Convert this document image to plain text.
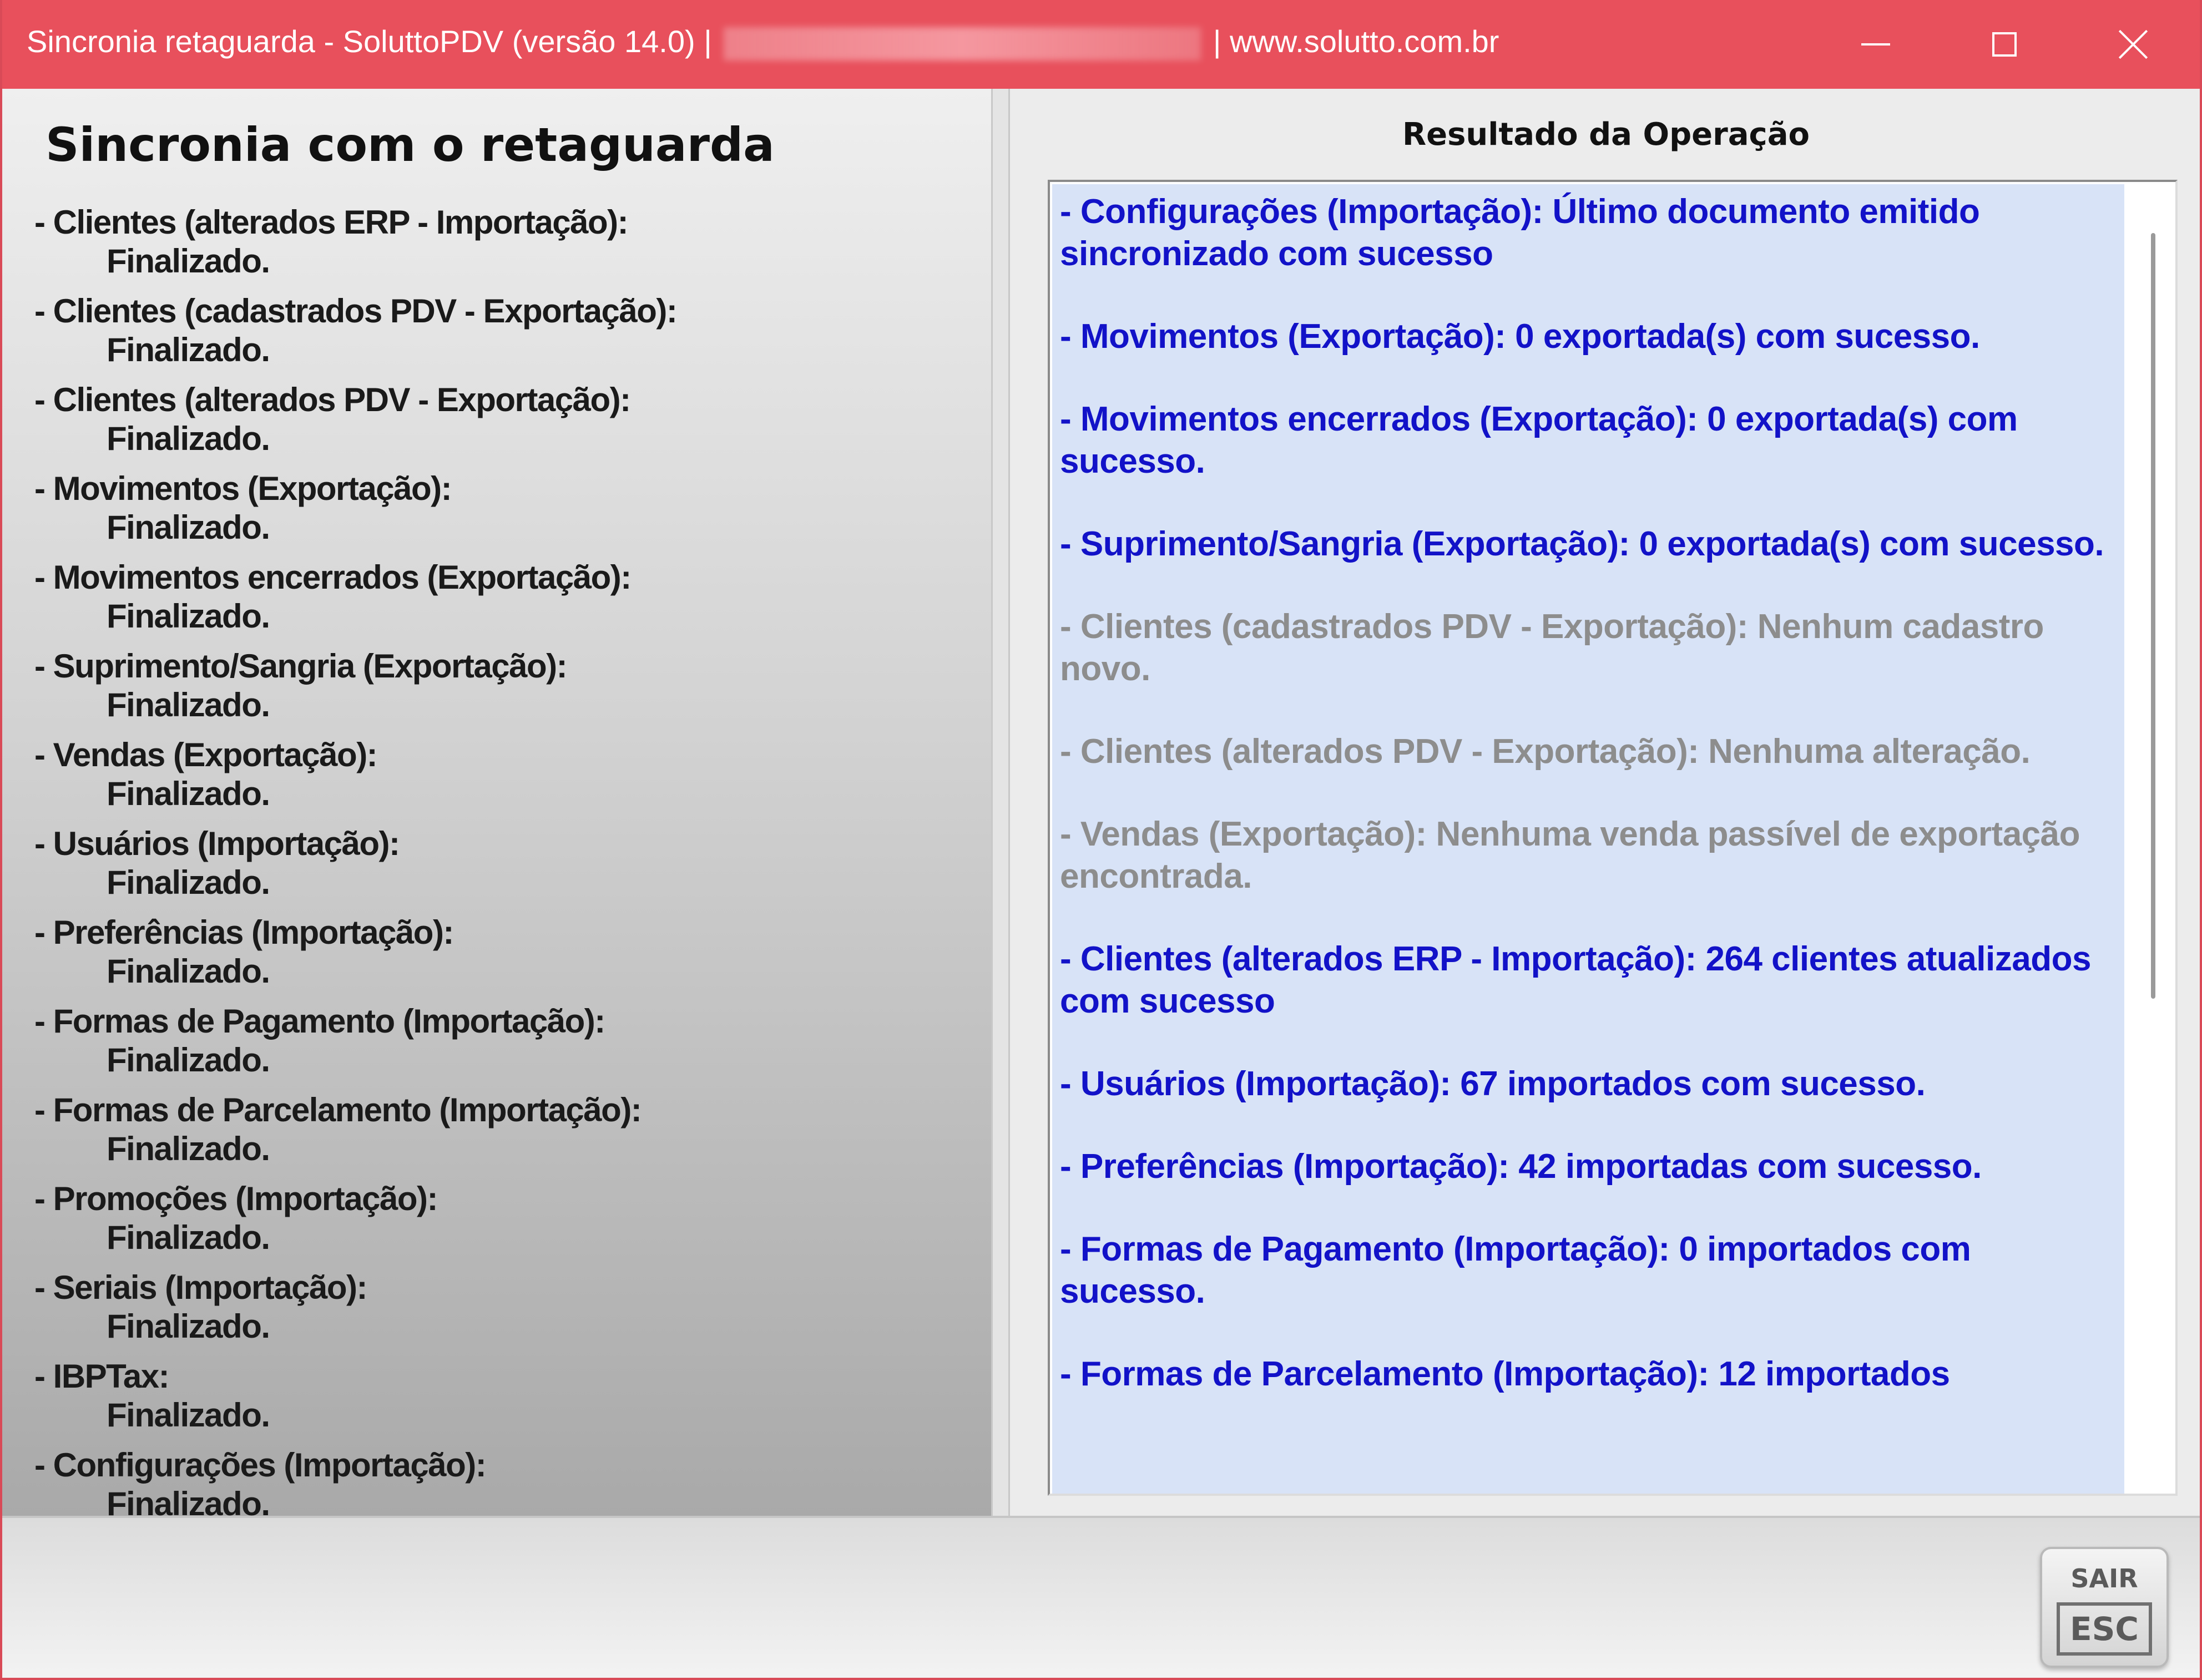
Sincronia retaguarda - SoluttoPDV (versão 14.0) |	| www.solutto.com.br
Sincronia com o retaguarda
- Clientes (alterados ERP - Importação):
Finalizado.
- Clientes (cadastrados PDV - Exportação):
Finalizado.
- Clientes (alterados PDV - Exportação):
Finalizado.
- Movimentos (Exportação):
Finalizado.
- Movimentos encerrados (Exportação):
Finalizado.
- Suprimento/Sangria (Exportação):
Finalizado.
- Vendas (Exportação):
Finalizado.
- Usuários (Importação):
Finalizado.
- Preferências (Importação):
Finalizado.
- Formas de Pagamento (Importação):
Finalizado.
- Formas de Parcelamento (Importação):
Finalizado.
- Promoções (Importação):
Finalizado.
- Seriais (Importação):
Finalizado.
- IBPTax:
Finalizado.
- Configurações (Importação):
Finalizado.
Resultado da Operação
- Configurações (Importação): Último documento emitido sincronizado com sucesso
- Movimentos (Exportação): 0 exportada(s) com sucesso.
- Movimentos encerrados (Exportação): 0 exportada(s) com sucesso.
- Suprimento/Sangria (Exportação): 0 exportada(s) com sucesso.
- Clientes (cadastrados PDV - Exportação): Nenhum cadastro novo.
- Clientes (alterados PDV - Exportação): Nenhuma alteração.
- Vendas (Exportação): Nenhuma venda passível de exportação encontrada.
- Clientes (alterados ERP - Importação): 264 clientes atualizados com sucesso
- Usuários (Importação): 67 importados com sucesso.
- Preferências (Importação): 42 importadas com sucesso.
- Formas de Pagamento (Importação): 0 importados com sucesso.
- Formas de Parcelamento (Importação): 12 importados
SAIR
ESC
